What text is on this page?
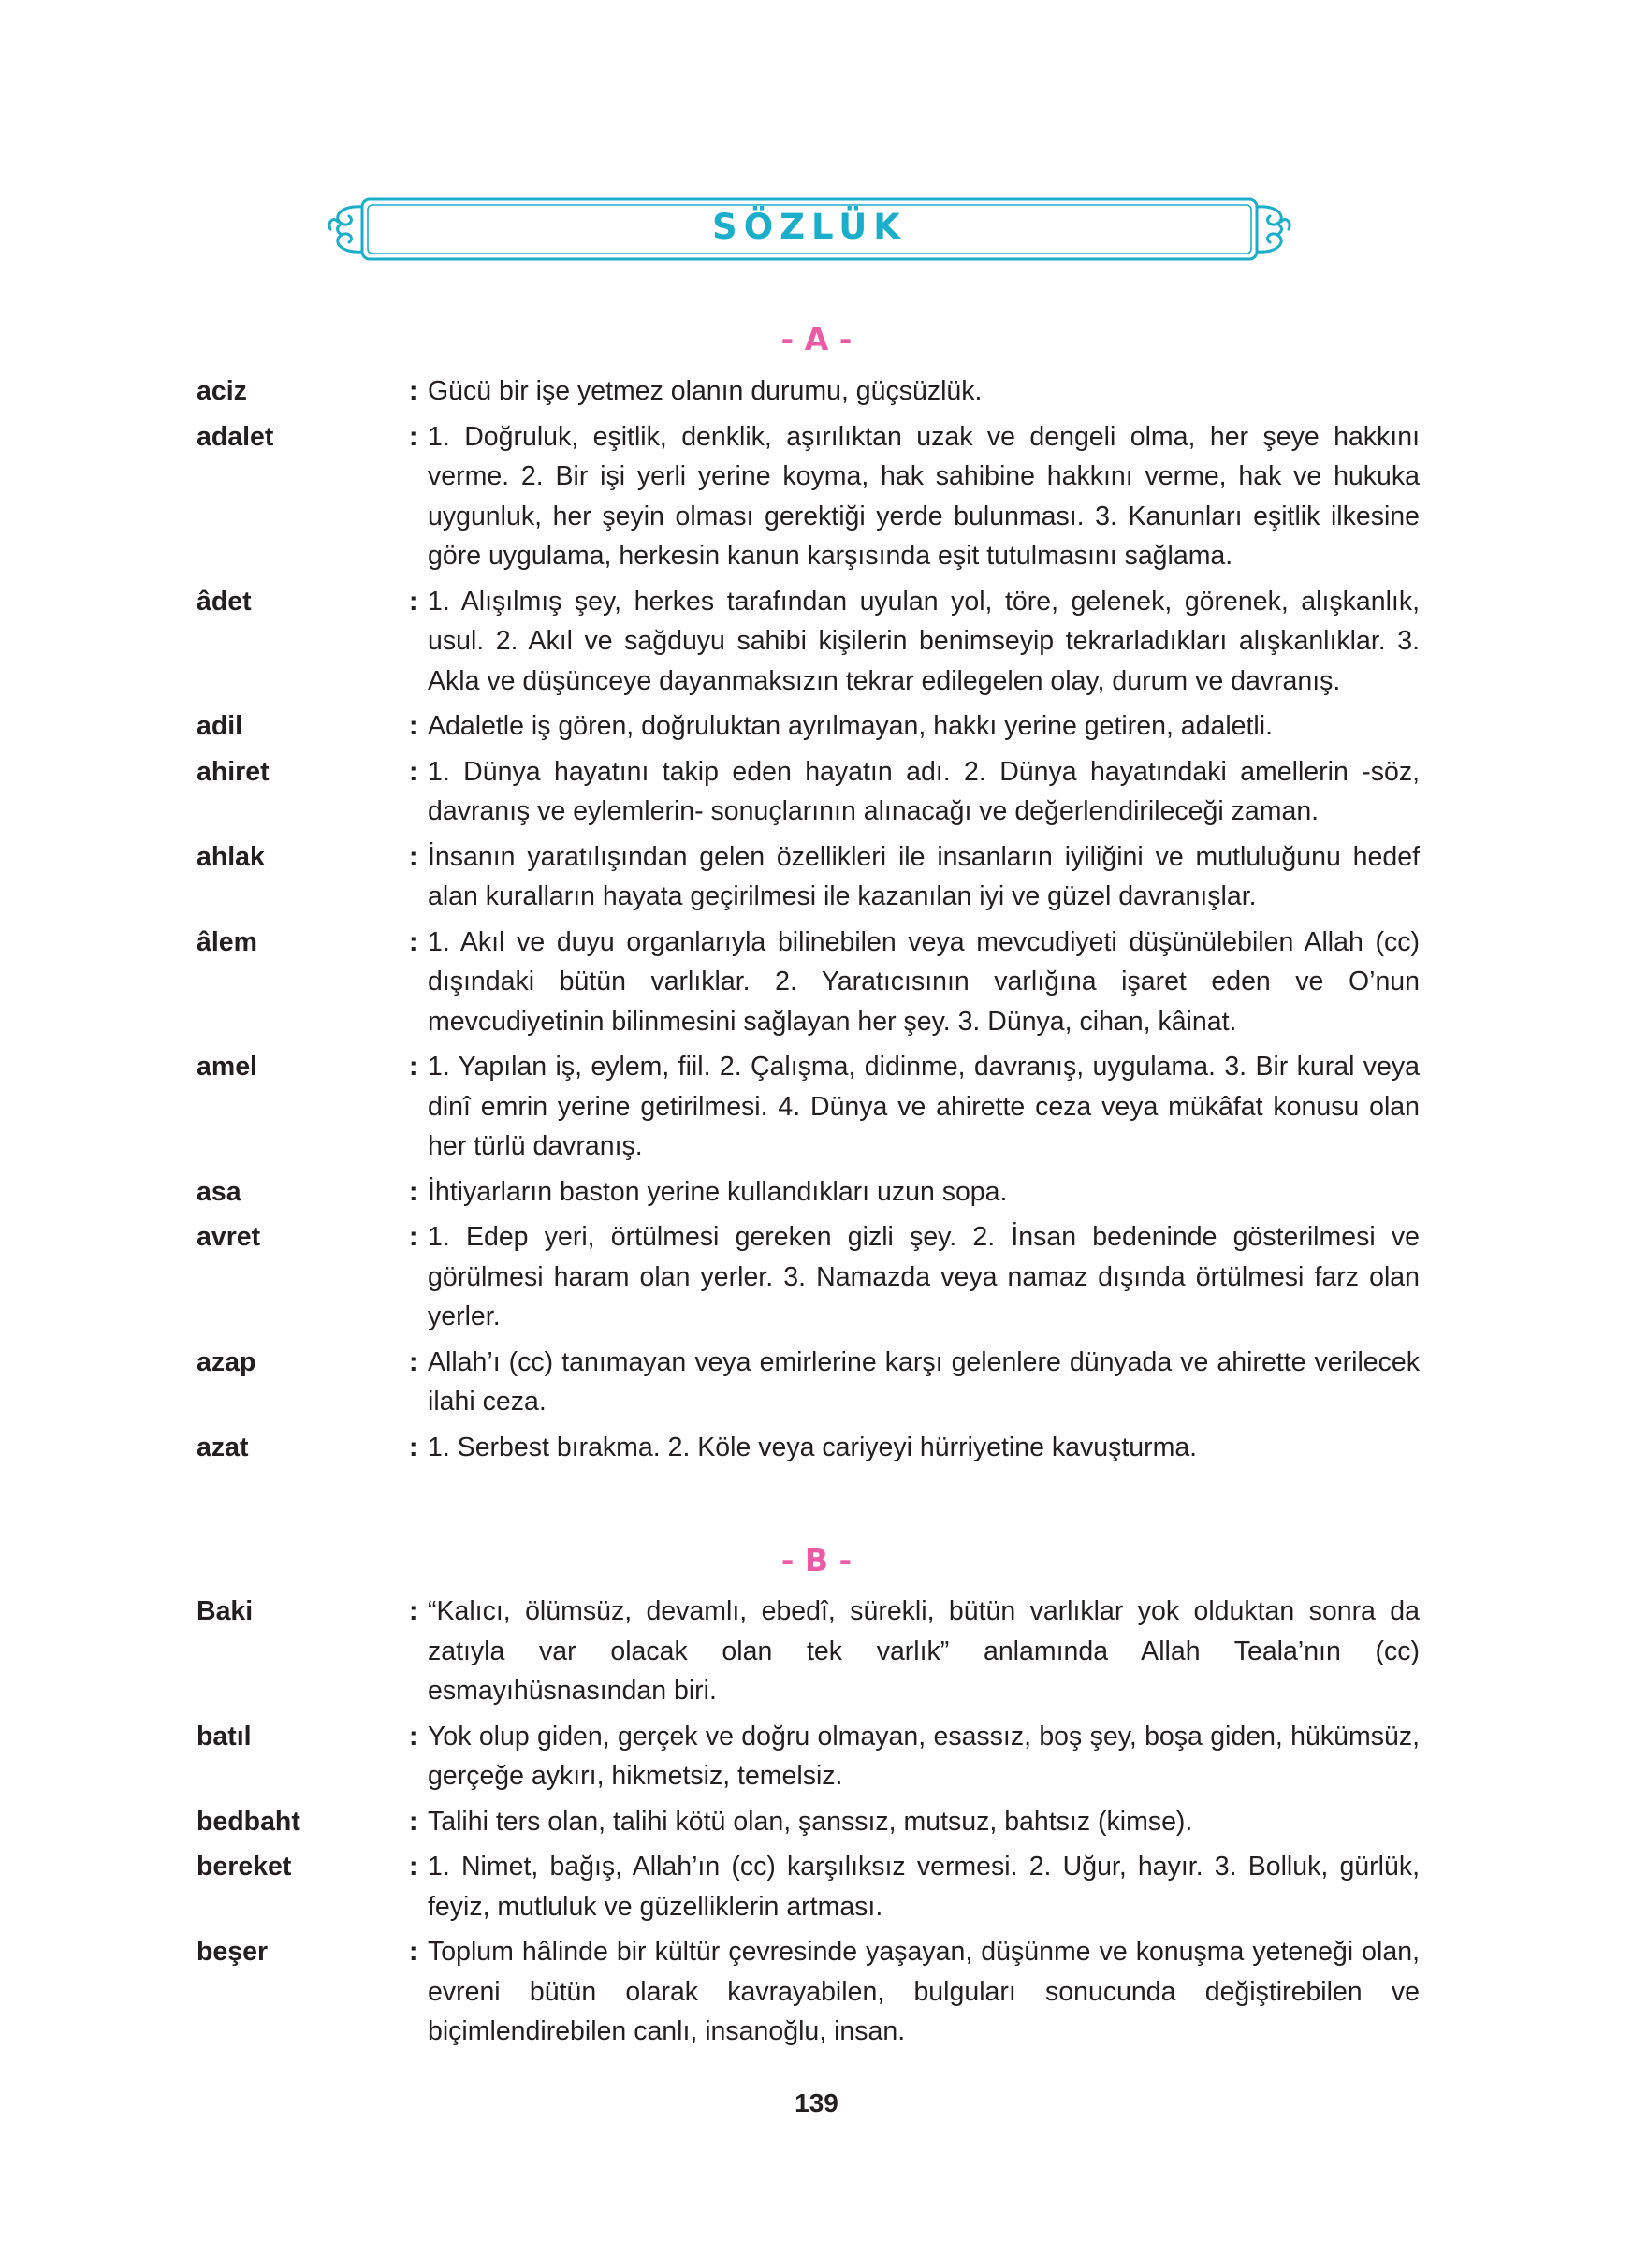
SÖZLÜK
- A -
aciz	: Gücü bir işe yetmez olanın durumu, güçsüzlük.
adalet	: 1. Doğruluk, eşitlik, denklik, aşırılıktan uzak ve dengeli olma, her şeye hakkını verme. 2. Bir işi yerli yerine koyma, hak sahibine hakkını verme, hak ve hukuka uygunluk, her şeyin olması gerektiği yerde bulunması. 3. Kanunları eşitlik ilkesine göre uygulama, herkesin kanun karşısında eşit tutulmasını sağlama.
âdet	: 1. Alışılmış şey, herkes tarafından uyulan yol, töre, gelenek, görenek, alışkanlık, usul. 2. Akıl ve sağduyu sahibi kişilerin benimseyip tekrarladıkları alışkanlıklar. 3. Akla ve düşünceye dayanmaksızın tekrar edilegelen olay, durum ve davranış.
adil	: Adaletle iş gören, doğruluktan ayrılmayan, hakkı yerine getiren, adaletli.
ahiret	: 1. Dünya hayatını takip eden hayatın adı. 2. Dünya hayatındaki amellerin -söz, davranış ve eylemlerin- sonuçlarının alınacağı ve değerlendirileceği zaman.
ahlak	: İnsanın yaratılışından gelen özellikleri ile insanların iyiliğini ve mutluluğunu hedef alan kuralların hayata geçirilmesi ile kazanılan iyi ve güzel davranışlar.
âlem	: 1. Akıl ve duyu organlarıyla bilinebilen veya mevcudiyeti düşünülebilen Allah (cc) dışındaki bütün varlıklar. 2. Yaratıcısının varlığına işaret eden ve O’nun mevcudiyetinin bilinmesini sağlayan her şey. 3. Dünya, cihan, kâinat.
amel	: 1. Yapılan iş, eylem, fiil. 2. Çalışma, didinme, davranış, uygulama. 3. Bir kural veya dinî emrin yerine getirilmesi. 4. Dünya ve ahirette ceza veya mükâfat konusu olan her türlü davranış.
asa	: İhtiyarların baston yerine kullandıkları uzun sopa.
avret	: 1. Edep yeri, örtülmesi gereken gizli şey. 2. İnsan bedeninde gösterilmesi ve görülmesi haram olan yerler. 3. Namazda veya namaz dışında örtülmesi farz olan yerler.
azap	: Allah’ı (cc) tanımayan veya emirlerine karşı gelenlere dünyada ve ahirette verilecek ilahi ceza.
azat	: 1. Serbest bırakma. 2. Köle veya cariyeyi hürriyetine kavuşturma.
- B -
Baki	: “Kalıcı, ölümsüz, devamlı, ebedî, sürekli, bütün varlıklar yok olduktan sonra da zatıyla var olacak olan tek varlık” anlamında Allah Teala’nın (cc) esmayıhüsnasından biri.
batıl	: Yok olup giden, gerçek ve doğru olmayan, esassız, boş şey, boşa giden, hükümsüz, gerçeğe aykırı, hikmetsiz, temelsiz.
bedbaht	: Talihi ters olan, talihi kötü olan, şanssız, mutsuz, bahtsız (kimse).
bereket	: 1. Nimet, bağış, Allah’ın (cc) karşılıksız vermesi. 2. Uğur, hayır. 3. Bolluk, gürlük, feyiz, mutluluk ve güzelliklerin artması.
beşer	: Toplum hâlinde bir kültür çevresinde yaşayan, düşünme ve konuşma yeteneği olan, evreni bütün olarak kavrayabilen, bulguları sonucunda değiştirebilen ve biçimlendirebilen canlı, insanoğlu, insan.
139
